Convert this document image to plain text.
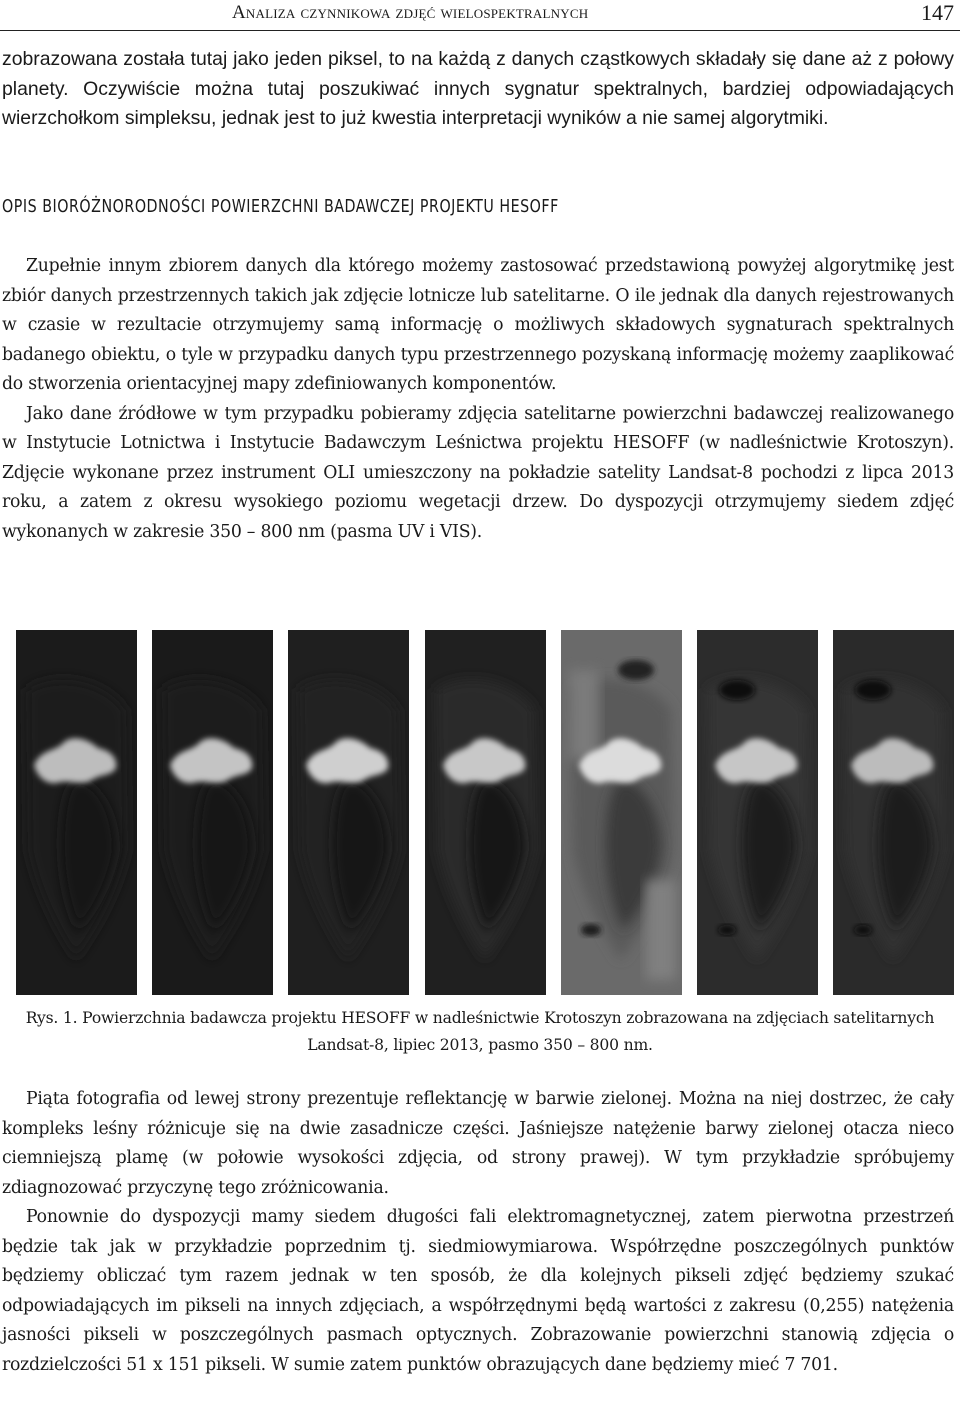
Analiza czynnikowa zdjęć wielospektralnych	147

zobrazowana została tutaj jako jeden piksel, to na każdą z danych cząstkowych składały się dane aż z połowy planety. Oczywiście można tutaj poszukiwać innych sygnatur spektralnych, bardziej odpowiadających wierzchołkom simpleksu, jednak jest to już kwestia interpretacji wyników a nie samej algorytmiki.

OPIS BIORÓŻNORODNOŚCI POWIERZCHNI BADAWCZEJ PROJEKTU HESOFF

Zupełnie innym zbiorem danych dla którego możemy zastosować przedstawioną powyżej algorytmikę jest zbiór danych przestrzennych takich jak zdjęcie lotnicze lub satelitarne. O ile jednak dla danych rejestrowanych w czasie w rezultacie otrzymujemy samą informację o możliwych składowych sygnaturach spektralnych badanego obiektu, o tyle w przypadku danych typu przestrzennego pozyskaną informację możemy zaaplikować do stworzenia orientacyjnej mapy zdefiniowanych komponentów.

Jako dane źródłowe w tym przypadku pobieramy zdjęcia satelitarne powierzchni badawczej realizowanego w Instytucie Lotnictwa i Instytucie Badawczym Leśnictwa projektu HESOFF (w nadleśnictwie Krotoszyn). Zdjęcie wykonane przez instrument OLI umieszczony na pokładzie satelity Landsat-8 pochodzi z lipca 2013 roku, a zatem z okresu wysokiego poziomu wegetacji drzew. Do dyspozycji otrzymujemy siedem zdjęć wykonanych w zakresie 350 – 800 nm (pasma UV i VIS).

Rys. 1. Powierzchnia badawcza projektu HESOFF w nadleśnictwie Krotoszyn zobrazowana na zdjęciach satelitarnych Landsat-8, lipiec 2013, pasmo 350 – 800 nm.

Piąta fotografia od lewej strony prezentuje reflektancję w barwie zielonej. Można na niej dostrzec, że cały kompleks leśny różnicuje się na dwie zasadnicze części. Jaśniejsze natężenie barwy zielonej otacza nieco ciemniejszą plamę (w połowie wysokości zdjęcia, od strony prawej). W tym przykładzie spróbujemy zdiagnozować przyczynę tego zróżnicowania.

Ponownie do dyspozycji mamy siedem długości fali elektromagnetycznej, zatem pierwotna przestrzeń będzie tak jak w przykładzie poprzednim tj. siedmiowymiarowa. Współrzędne poszczególnych punktów będziemy obliczać tym razem jednak w ten sposób, że dla kolejnych pikseli zdjęć będziemy szukać odpowiadających im pikseli na innych zdjęciach, a współrzędnymi będą wartości z zakresu (0,255) natężenia jasności pikseli w poszczególnych pasmach optycznych. Zobrazowanie powierzchni stanowią zdjęcia o rozdzielczości 51 x 151 pikseli. W sumie zatem punktów obrazujących dane będziemy mieć 7 701.
